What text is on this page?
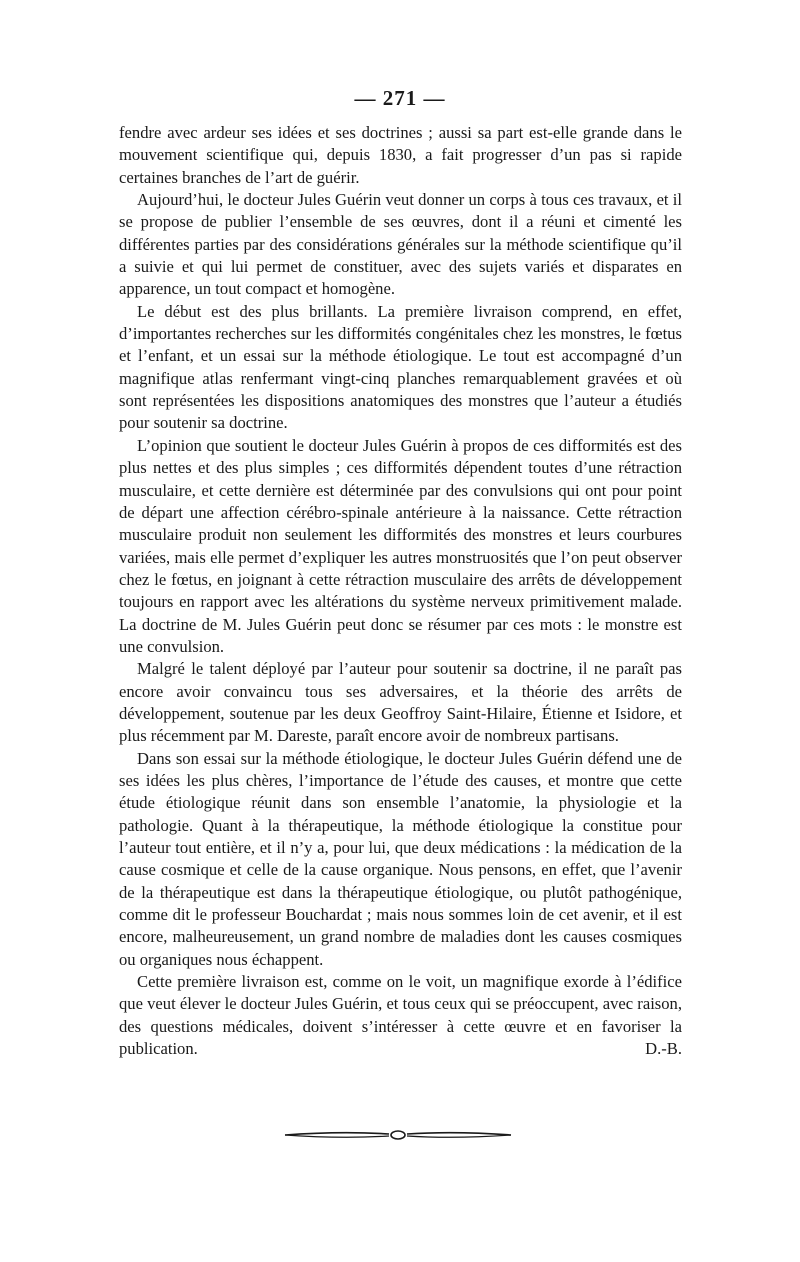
— 271 —

fendre avec ardeur ses idées et ses doctrines ; aussi sa part est-elle grande dans le mouvement scientifique qui, depuis 1830, a fait progresser d’un pas si rapide certaines branches de l’art de guérir.

Aujourd’hui, le docteur Jules Guérin veut donner un corps à tous ces travaux, et il se propose de publier l’ensemble de ses œuvres, dont il a réuni et cimenté les différentes parties par des considérations générales sur la méthode scientifique qu’il a suivie et qui lui permet de constituer, avec des sujets variés et disparates en apparence, un tout compact et homogène.

Le début est des plus brillants. La première livraison comprend, en effet, d’importantes recherches sur les difformités congénitales chez les monstres, le fœtus et l’enfant, et un essai sur la méthode étiologique. Le tout est accompagné d’un magnifique atlas renfermant vingt-cinq planches remarquablement gravées et où sont représentées les dispositions anatomiques des monstres que l’auteur a étudiés pour soutenir sa doctrine.

L’opinion que soutient le docteur Jules Guérin à propos de ces difformités est des plus nettes et des plus simples ; ces difformités dépendent toutes d’une rétraction musculaire, et cette dernière est déterminée par des convulsions qui ont pour point de départ une affection cérébro-spinale antérieure à la naissance. Cette rétraction musculaire produit non seulement les difformités des monstres et leurs courbures variées, mais elle permet d’expliquer les autres monstruosités que l’on peut observer chez le fœtus, en joignant à cette rétraction musculaire des arrêts de développement toujours en rapport avec les altérations du système nerveux primitivement malade. La doctrine de M. Jules Guérin peut donc se résumer par ces mots : le monstre est une convulsion.

Malgré le talent déployé par l’auteur pour soutenir sa doctrine, il ne paraît pas encore avoir convaincu tous ses adversaires, et la théorie des arrêts de développement, soutenue par les deux Geoffroy Saint-Hilaire, Étienne et Isidore, et plus récemment par M. Dareste, paraît encore avoir de nombreux partisans.

Dans son essai sur la méthode étiologique, le docteur Jules Guérin défend une de ses idées les plus chères, l’importance de l’étude des causes, et montre que cette étude étiologique réunit dans son ensemble l’anatomie, la physiologie et la pathologie. Quant à la thérapeutique, la méthode étiologique la constitue pour l’auteur tout entière, et il n’y a, pour lui, que deux médications : la médication de la cause cosmique et celle de la cause organique. Nous pensons, en effet, que l’avenir de la thérapeutique est dans la thérapeutique étiologique, ou plutôt pathogénique, comme dit le professeur Bouchardat ; mais nous sommes loin de cet avenir, et il est encore, malheureusement, un grand nombre de maladies dont les causes cosmiques ou organiques nous échappent.

Cette première livraison est, comme on le voit, un magnifique exorde à l’édifice que veut élever le docteur Jules Guérin, et tous ceux qui se préoccupent, avec raison, des questions médicales, doivent s’intéresser à cette œuvre et en favoriser la publication.	D.-B.
